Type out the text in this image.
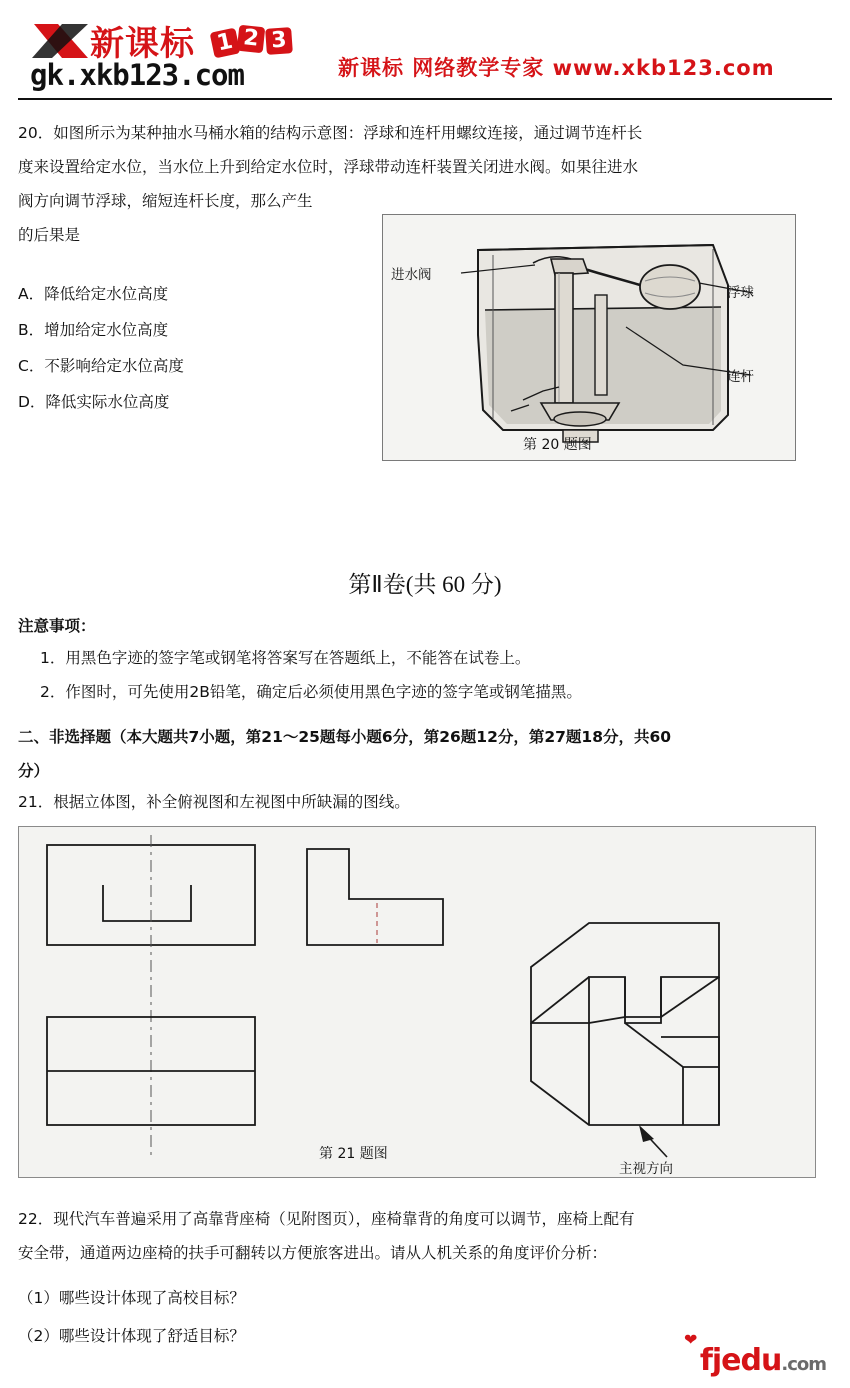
新课标 1 2 3
gk.xkb123.com	新课标 网络教学专家 www.xkb123.com
20．如图所示为某种抽水马桶水箱的结构示意图：浮球和连杆用螺纹连接，通过调节连杆长
度来设置给定水位，当水位上升到给定水位时，浮球带动连杆装置关闭进水阀。如果往进水
阀方向调节浮球，缩短连杆长度，那么产生
的后果是
A．降低给定水位高度
B．增加给定水位高度
C．不影响给定水位高度
D．降低实际水位高度
进水阀
浮球
连杆
第 20 题图
第Ⅱ卷(共 60 分)
注意事项：
1．用黑色字迹的签字笔或钢笔将答案写在答题纸上，不能答在试卷上。
2．作图时，可先使用2B铅笔，确定后必须使用黑色字迹的签字笔或钢笔描黑。
二、非选择题（本大题共7小题，第21～25题每小题6分，第26题12分，第27题18分，共60
分）
21．根据立体图，补全俯视图和左视图中所缺漏的图线。
第 21 题图
主视方向
22．现代汽车普遍采用了高靠背座椅（见附图页），座椅靠背的角度可以调节，座椅上配有
安全带，通道两边座椅的扶手可翻转以方便旅客进出。请从人机关系的角度评价分析：
（1）哪些设计体现了高校目标？
（2）哪些设计体现了舒适目标？	❤
fjedu.com
